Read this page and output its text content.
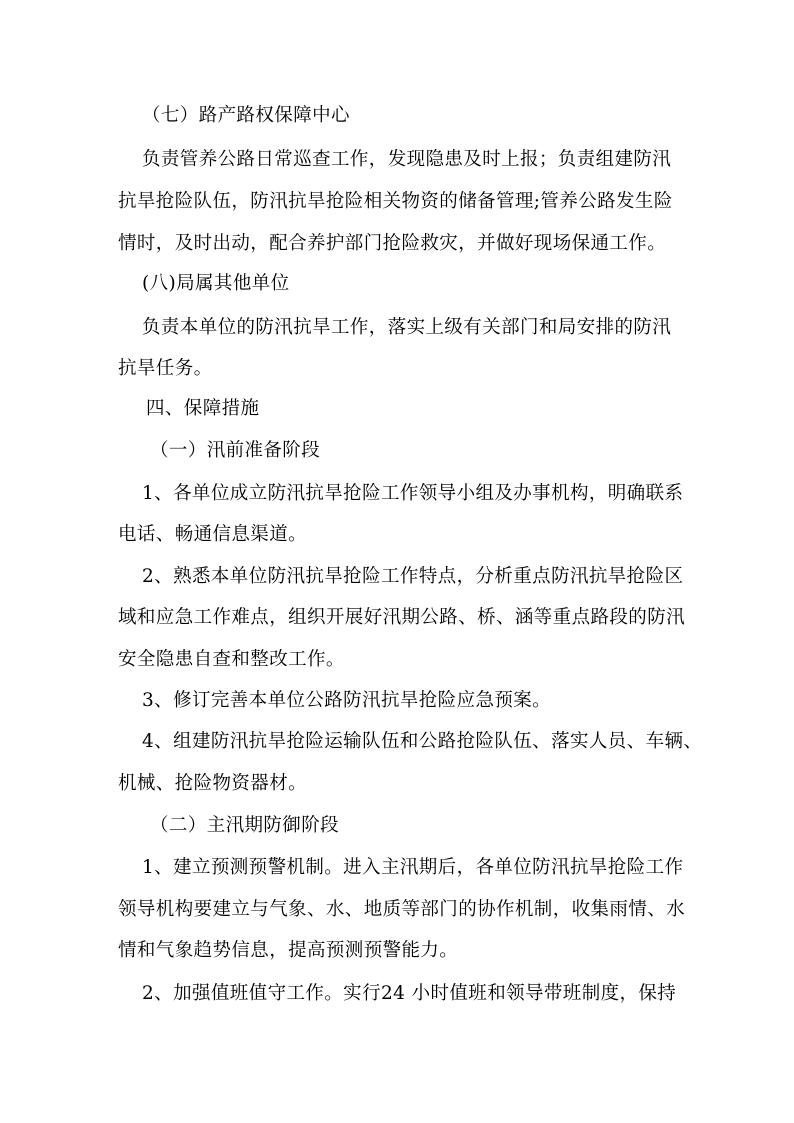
（七）路产路权保障中心
负责管养公路日常巡查工作，发现隐患及时上报；负责组建防汛
抗旱抢险队伍，防汛抗旱抢险相关物资的储备管理;管养公路发生险
情时，及时出动，配合养护部门抢险救灾，并做好现场保通工作。
(八)局属其他单位
负责本单位的防汛抗旱工作，落实上级有关部门和局安排的防汛
抗旱任务。
四、保障措施
（一）汛前准备阶段
1、各单位成立防汛抗旱抢险工作领导小组及办事机构，明确联系
电话、畅通信息渠道。
2、熟悉本单位防汛抗旱抢险工作特点，分析重点防汛抗旱抢险区
域和应急工作难点，组织开展好汛期公路、桥、涵等重点路段的防汛
安全隐患自查和整改工作。
3、修订完善本单位公路防汛抗旱抢险应急预案。
4、组建防汛抗旱抢险运输队伍和公路抢险队伍、落实人员、车辆、
机械、抢险物资器材。
（二）主汛期防御阶段
1、建立预测预警机制。进入主汛期后，各单位防汛抗旱抢险工作
领导机构要建立与气象、水、地质等部门的协作机制，收集雨情、水
情和气象趋势信息，提高预测预警能力。
2、加强值班值守工作。实行24 小时值班和领导带班制度，保持
